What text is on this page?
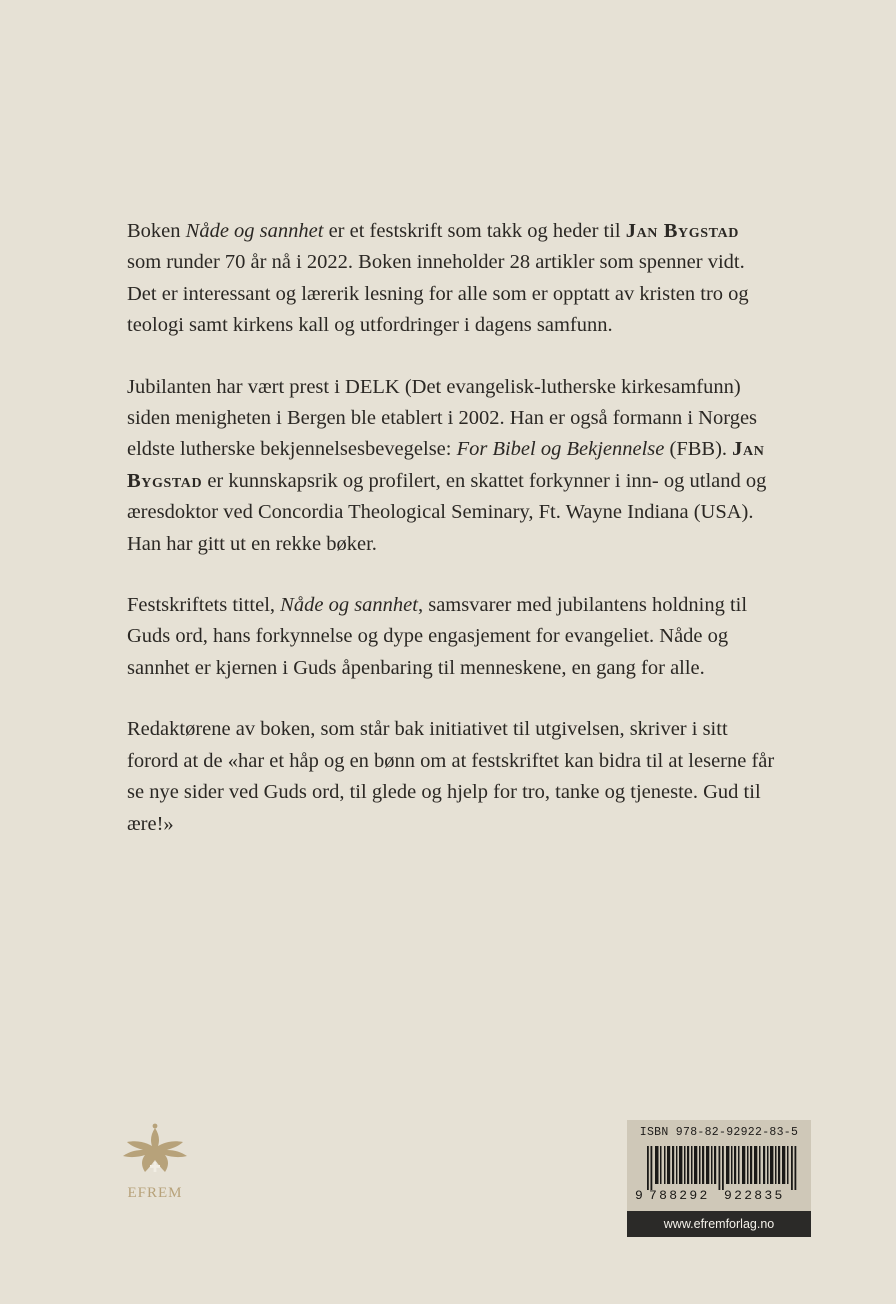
Boken Nåde og sannhet er et festskrift som takk og heder til Jan Bygstad som runder 70 år nå i 2022. Boken inneholder 28 artikler som spenner vidt. Det er interessant og lærerik lesning for alle som er opptatt av kristen tro og teologi samt kirkens kall og utfordringer i dagens samfunn.

Jubilanten har vært prest i DELK (Det evangelisk-lutherske kirkesamfunn) siden menigheten i Bergen ble etablert i 2002. Han er også formann i Norges eldste lutherske bekjennelsesbevegelse: For Bibel og Bekjennelse (FBB). Jan Bygstad er kunnskapsrik og profilert, en skattet forkynner i inn- og utland og æresdoktor ved Concordia Theological Seminary, Ft. Wayne Indiana (USA). Han har gitt ut en rekke bøker.

Festskriftets tittel, Nåde og sannhet, samsvarer med jubilantens holdning til Guds ord, hans forkynnelse og dype engasjement for evangeliet. Nåde og sannhet er kjernen i Guds åpenbaring til menneskene, en gang for alle.

Redaktørene av boken, som står bak initiativet til utgivelsen, skriver i sitt forord at de «har et håp og en bønn om at festskriftet kan bidra til at leserne får se nye sider ved Guds ord, til glede og hjelp for tro, tanke og tjeneste. Gud til ære!»

EFREM
ISBN 978-82-92922-83-5
9 788292 922835
www.efremforlag.no
